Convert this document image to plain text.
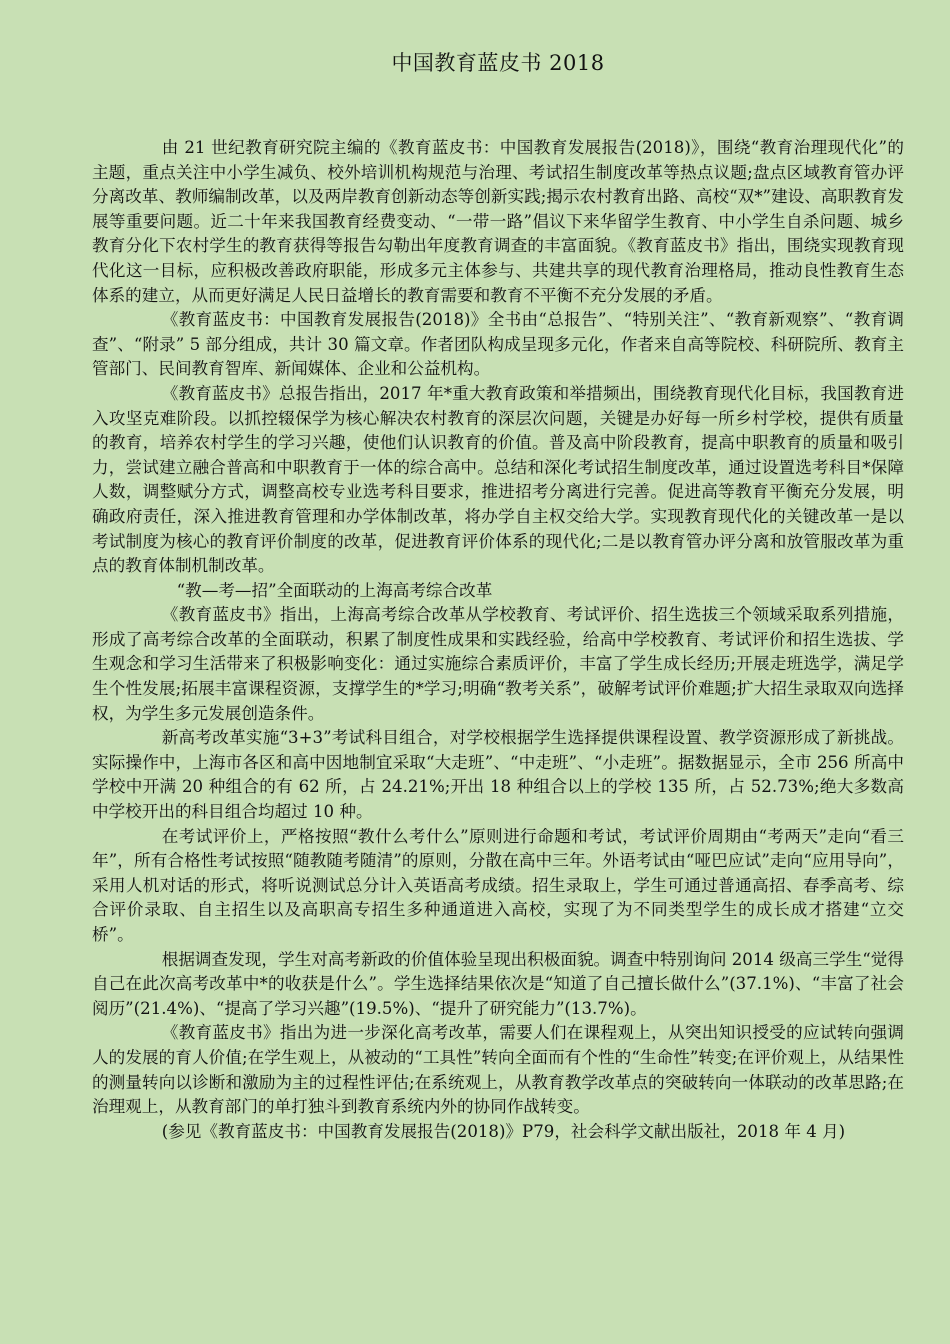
中国教育蓝皮书 2018

由 21 世纪教育研究院主编的《教育蓝皮书：中国教育发展报告(2018)》，围绕“教育治理现代化”的主题，重点关注中小学生减负、校外培训机构规范与治理、考试招生制度改革等热点议题;盘点区域教育管办评分离改革、教师编制改革，以及两岸教育创新动态等创新实践;揭示农村教育出路、高校“双*”建设、高职教育发展等重要问题。近二十年来我国教育经费变动、“一带一路”倡议下来华留学生教育、中小学生自杀问题、城乡教育分化下农村学生的教育获得等报告勾勒出年度教育调查的丰富面貌。《教育蓝皮书》指出，围绕实现教育现代化这一目标，应积极改善政府职能，形成多元主体参与、共建共享的现代教育治理格局，推动良性教育生态体系的建立，从而更好满足人民日益增长的教育需要和教育不平衡不充分发展的矛盾。

《教育蓝皮书：中国教育发展报告(2018)》全书由“总报告”、“特别关注”、“教育新观察”、“教育调查”、“附录” 5 部分组成，共计 30 篇文章。作者团队构成呈现多元化，作者来自高等院校、科研院所、教育主管部门、民间教育智库、新闻媒体、企业和公益机构。

《教育蓝皮书》总报告指出，2017 年*重大教育政策和举措频出，围绕教育现代化目标，我国教育进入攻坚克难阶段。以抓控辍保学为核心解决农村教育的深层次问题，关键是办好每一所乡村学校，提供有质量的教育，培养农村学生的学习兴趣，使他们认识教育的价值。普及高中阶段教育，提高中职教育的质量和吸引力，尝试建立融合普高和中职教育于一体的综合高中。总结和深化考试招生制度改革，通过设置选考科目*保障人数，调整赋分方式，调整高校专业选考科目要求，推进招考分离进行完善。促进高等教育平衡充分发展，明确政府责任，深入推进教育管理和办学体制改革，将办学自主权交给大学。实现教育现代化的关键改革一是以考试制度为核心的教育评价制度的改革，促进教育评价体系的现代化;二是以教育管办评分离和放管服改革为重点的教育体制机制改革。

“教—考—招”全面联动的上海高考综合改革

《教育蓝皮书》指出，上海高考综合改革从学校教育、考试评价、招生选拔三个领域采取系列措施，形成了高考综合改革的全面联动，积累了制度性成果和实践经验，给高中学校教育、考试评价和招生选拔、学生观念和学习生活带来了积极影响变化：通过实施综合素质评价，丰富了学生成长经历;开展走班选学，满足学生个性发展;拓展丰富课程资源，支撑学生的*学习;明确“教考关系”，破解考试评价难题;扩大招生录取双向选择权，为学生多元发展创造条件。

新高考改革实施“3+3”考试科目组合，对学校根据学生选择提供课程设置、教学资源形成了新挑战。实际操作中，上海市各区和高中因地制宜采取“大走班”、“中走班”、“小走班”。据数据显示，全市 256 所高中学校中开满 20 种组合的有 62 所，占 24.21%;开出 18 种组合以上的学校 135 所，占 52.73%;绝大多数高中学校开出的科目组合均超过 10 种。

在考试评价上，严格按照“教什么考什么”原则进行命题和考试，考试评价周期由“考两天”走向“看三年”，所有合格性考试按照“随教随考随清”的原则，分散在高中三年。外语考试由“哑巴应试”走向“应用导向”，采用人机对话的形式，将听说测试总分计入英语高考成绩。招生录取上，学生可通过普通高招、春季高考、综合评价录取、自主招生以及高职高专招生多种通道进入高校，实现了为不同类型学生的成长成才搭建“立交桥”。

根据调查发现，学生对高考新政的价值体验呈现出积极面貌。调查中特别询问 2014 级高三学生“觉得自己在此次高考改革中*的收获是什么”。学生选择结果依次是“知道了自己擅长做什么”(37.1%)、“丰富了社会阅历”(21.4%)、“提高了学习兴趣”(19.5%)、“提升了研究能力”(13.7%)。

《教育蓝皮书》指出为进一步深化高考改革，需要人们在课程观上，从突出知识授受的应试转向强调人的发展的育人价值;在学生观上，从被动的“工具性”转向全面而有个性的“生命性”转变;在评价观上，从结果性的测量转向以诊断和激励为主的过程性评估;在系统观上，从教育教学改革点的突破转向一体联动的改革思路;在治理观上，从教育部门的单打独斗到教育系统内外的协同作战转变。

(参见《教育蓝皮书：中国教育发展报告(2018)》P79，社会科学文献出版社，2018 年 4 月)
